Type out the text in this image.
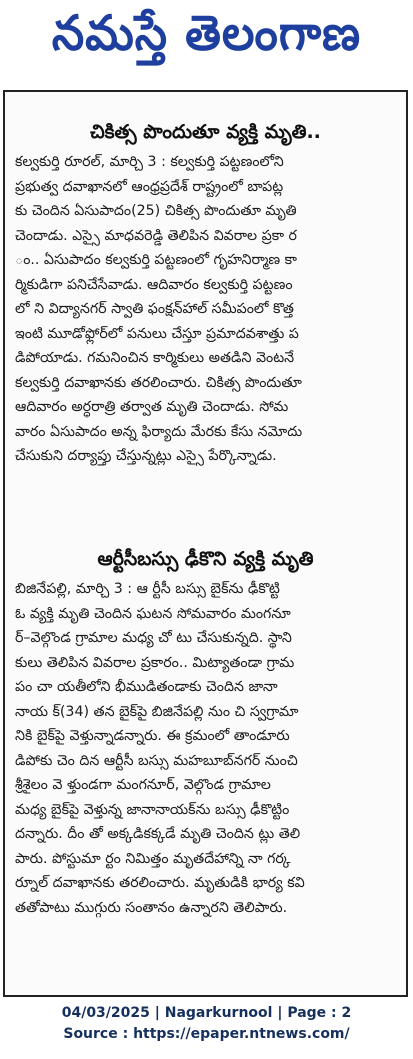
నమస్తే తెలంగాణ
చికిత్స పొందుతూ వ్యక్తి మృతి..
కల్వకుర్తి రూరల్, మార్చి 3 : కల్వకుర్తి పట్టణంలోని
ప్రభుత్వ దవాఖానలో ఆంధ్రప్రదేశ్ రాష్ట్రంలో బాపట్ల
కు చెందిన ఏసుపాదం(25) చికిత్స పొందుతూ మృతి
చెందాడు. ఎస్సై మాధవరెడ్డి తెలిపిన వివరాల ప్రకా ర
ం.. ఏసుపాదం కల్వకుర్తి పట్టణంలో గృహనిర్మాణ కా
ర్మికుడిగా పనిచేసేవాడు. ఆదివారం కల్వకుర్తి పట్టణం
లో ని విద్యానగర్ స్వాతి ఫంక్షన్‌హాల్ సమీపంలో కొత్త
ఇంటి మూడోఫ్లోర్‌లో పనులు చేస్తూ ప్రమాదవశాత్తు ప
డిపోయాడు. గమనించిన కార్మికులు అతడిని వెంటనే
కల్వకుర్తి దవాఖానకు తరలించారు. చికిత్స పొందుతూ
ఆదివారం అర్ధరాత్రి తర్వాత మృతి చెందాడు. సోమ
వారం ఏసుపాదం అన్న ఫిర్యాదు మేరకు కేసు నమోదు
చేసుకుని దర్యాప్తు చేస్తున్నట్లు ఎస్సై పేర్కొన్నాడు.
ఆర్టీసీబస్సు ఢీకొని వ్యక్తి మృతి
బిజినేపల్లి, మార్చి 3 : ఆ ర్టీసీ బస్సు బైక్‌ను ఢీకొట్టి
ఓ వ్యక్తి మృతి చెందిన ఘటన సోమవారం మంగనూ
ర్–వెల్గొండ గ్రామాల మధ్య చో టు చేసుకున్నది. స్థాని
కులు తెలిపిన వివరాల ప్రకారం.. మిట్యాతండా గ్రామ
పం చా యతీలోని భీముడితండాకు చెందిన జానా
నాయ క్(34) తన బైక్‌పై బిజినేపల్లి నుం చి స్వగ్రామా
నికి బైక్‌పై వెళ్తున్నాడన్నారు. ఈ క్రమంలో తాండూరు
డిపోకు చెం దిన ఆర్టీసీ బస్సు మహబూబ్‌నగర్ నుంచి
శ్రీశైలం వె ళ్తుండగా మంగనూర్, వెల్గొండ గ్రామాల
మధ్య బైక్‌పై వెళ్తున్న జానానాయక్‌ను బస్సు ఢీకొట్టిం
దన్నారు. దీం తో అక్కడికక్కడే మృతి చెందిన ట్లు తెలి
పారు. పోస్టుమా ర్టం నిమిత్తం మృతదేహాన్ని నా గర్క
ర్నూల్ దవాఖానకు తరలించారు. మృతుడికి భార్య కవి
తతోపాటు ముగ్గురు సంతానం ఉన్నారని తెలిపారు.
04/03/2025 | Nagarkurnool | Page : 2
Source : https://epaper.ntnews.com/
